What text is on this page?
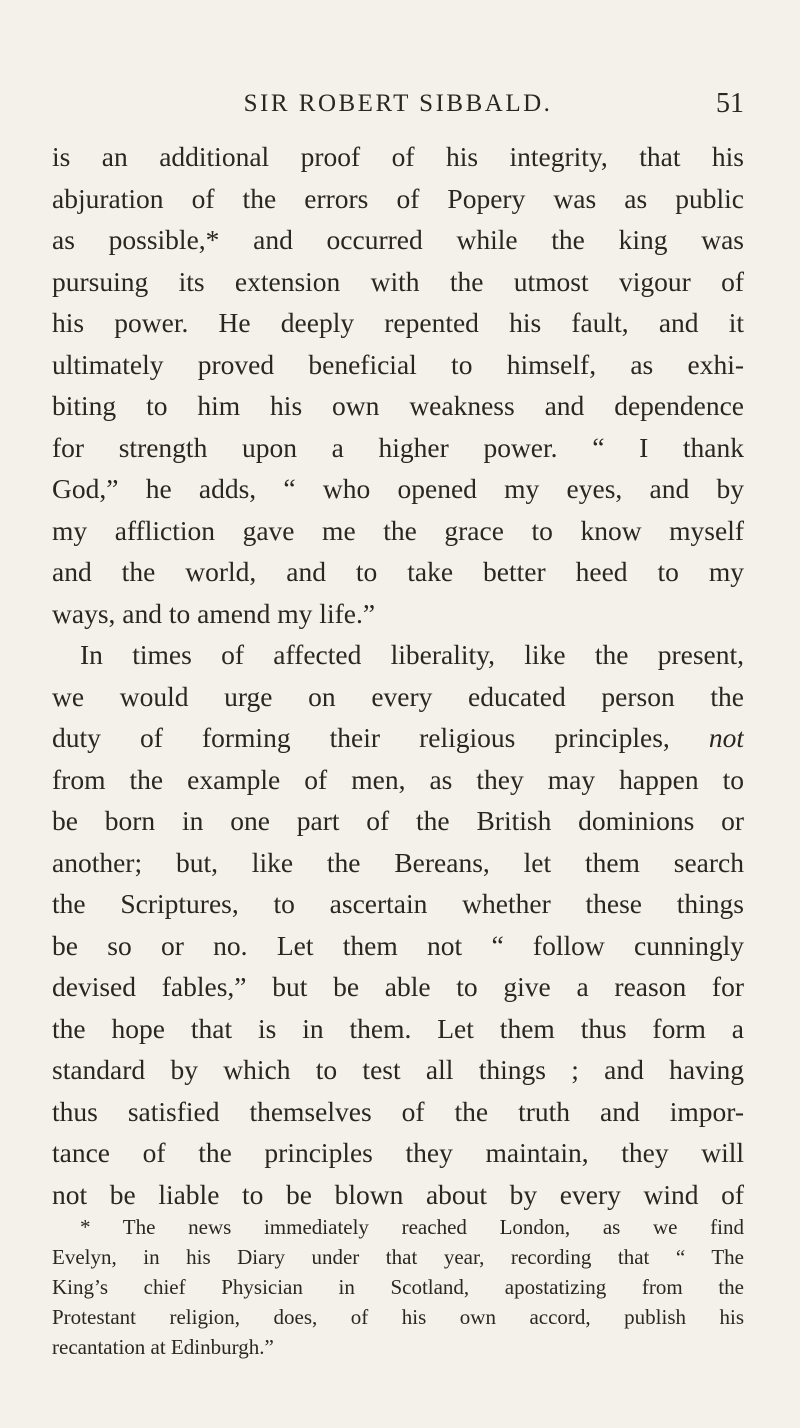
SIR ROBERT SIBBALD.	51
is an additional proof of his integrity, that his
abjuration of the errors of Popery was as public
as possible,* and occurred while the king was
pursuing its extension with the utmost vigour of
his power. He deeply repented his fault, and it
ultimately proved beneficial to himself, as exhi-
biting to him his own weakness and dependence
for strength upon a higher power. “ I thank
God,” he adds, “ who opened my eyes, and by
my affliction gave me the grace to know myself
and the world, and to take better heed to my
ways, and to amend my life.”
In times of affected liberality, like the present,
we would urge on every educated person the
duty of forming their religious principles, not
from the example of men, as they may happen to
be born in one part of the British dominions or
another; but, like the Bereans, let them search
the Scriptures, to ascertain whether these things
be so or no. Let them not “ follow cunningly
devised fables,” but be able to give a reason for
the hope that is in them. Let them thus form a
standard by which to test all things ; and having
thus satisfied themselves of the truth and impor-
tance of the principles they maintain, they will
not be liable to be blown about by every wind of
* The news immediately reached London, as we find
Evelyn, in his Diary under that year, recording that “ The
King’s chief Physician in Scotland, apostatizing from the
Protestant religion, does, of his own accord, publish his
recantation at Edinburgh.”
